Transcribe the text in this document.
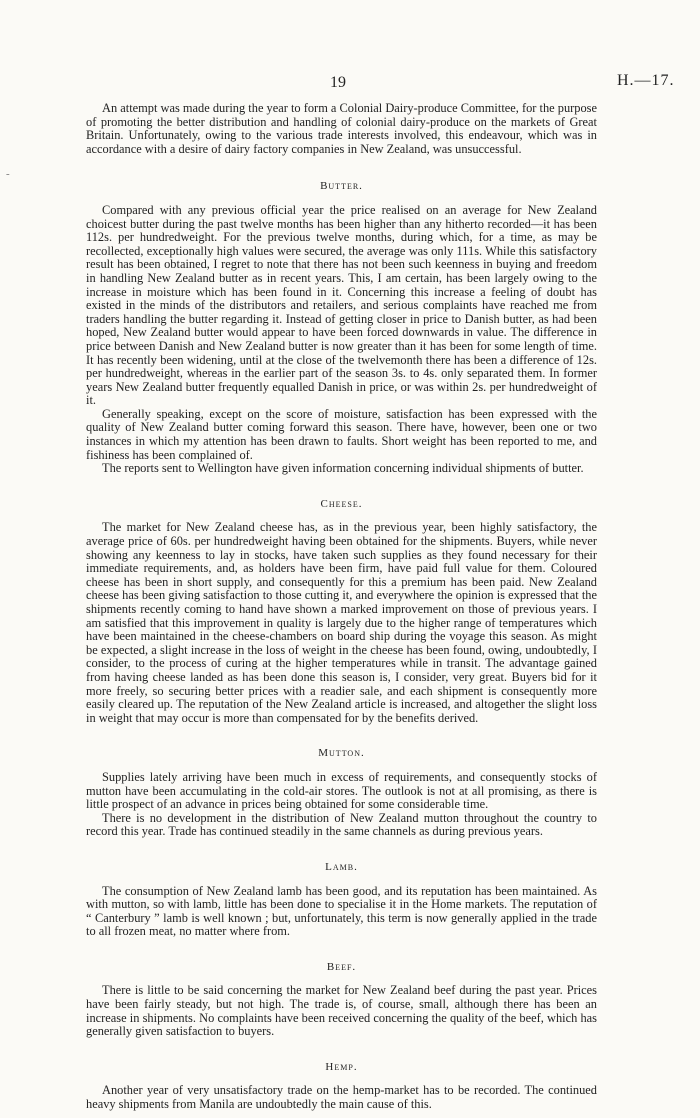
19	H.—17.
-

An attempt was made during the year to form a Colonial Dairy-produce Committee, for the purpose of promoting the better distribution and handling of colonial dairy-produce on the markets of Great Britain. Unfortunately, owing to the various trade interests involved, this endeavour, which was in accordance with a desire of dairy factory companies in New Zealand, was unsuccessful.

Butter.

Compared with any previous official year the price realised on an average for New Zealand choicest butter during the past twelve months has been higher than any hitherto recorded—it has been 112s. per hundredweight. For the previous twelve months, during which, for a time, as may be recollected, exceptionally high values were secured, the average was only 111s. While this satisfactory result has been obtained, I regret to note that there has not been such keenness in buying and freedom in handling New Zealand butter as in recent years. This, I am certain, has been largely owing to the increase in moisture which has been found in it. Concerning this increase a feeling of doubt has existed in the minds of the distributors and retailers, and serious complaints have reached me from traders handling the butter regarding it. Instead of getting closer in price to Danish butter, as had been hoped, New Zealand butter would appear to have been forced downwards in value. The difference in price between Danish and New Zealand butter is now greater than it has been for some length of time. It has recently been widening, until at the close of the twelvemonth there has been a difference of 12s. per hundredweight, whereas in the earlier part of the season 3s. to 4s. only separated them. In former years New Zealand butter frequently equalled Danish in price, or was within 2s. per hundredweight of it.

Generally speaking, except on the score of moisture, satisfaction has been expressed with the quality of New Zealand butter coming forward this season. There have, however, been one or two instances in which my attention has been drawn to faults. Short weight has been reported to me, and fishiness has been complained of.

The reports sent to Wellington have given information concerning individual shipments of butter.

Cheese.

The market for New Zealand cheese has, as in the previous year, been highly satisfactory, the average price of 60s. per hundredweight having been obtained for the shipments. Buyers, while never showing any keenness to lay in stocks, have taken such supplies as they found necessary for their immediate requirements, and, as holders have been firm, have paid full value for them. Coloured cheese has been in short supply, and consequently for this a premium has been paid. New Zealand cheese has been giving satisfaction to those cutting it, and everywhere the opinion is expressed that the shipments recently coming to hand have shown a marked improvement on those of previous years. I am satisfied that this improvement in quality is largely due to the higher range of temperatures which have been maintained in the cheese-chambers on board ship during the voyage this season. As might be expected, a slight increase in the loss of weight in the cheese has been found, owing, undoubtedly, I consider, to the process of curing at the higher temperatures while in transit. The advantage gained from having cheese landed as has been done this season is, I consider, very great. Buyers bid for it more freely, so securing better prices with a readier sale, and each shipment is consequently more easily cleared up. The reputation of the New Zealand article is increased, and altogether the slight loss in weight that may occur is more than compensated for by the benefits derived.

Mutton.

Supplies lately arriving have been much in excess of requirements, and consequently stocks of mutton have been accumulating in the cold-air stores. The outlook is not at all promising, as there is little prospect of an advance in prices being obtained for some considerable time.

There is no development in the distribution of New Zealand mutton throughout the country to record this year. Trade has continued steadily in the same channels as during previous years.

Lamb.

The consumption of New Zealand lamb has been good, and its reputation has been maintained. As with mutton, so with lamb, little has been done to specialise it in the Home markets. The reputation of “ Canterbury ” lamb is well known ; but, unfortunately, this term is now generally applied in the trade to all frozen meat, no matter where from.

Beef.

There is little to be said concerning the market for New Zealand beef during the past year. Prices have been fairly steady, but not high. The trade is, of course, small, although there has been an increase in shipments. No complaints have been received concerning the quality of the beef, which has generally given satisfaction to buyers.

Hemp.

Another year of very unsatisfactory trade on the hemp-market has to be recorded. The continued heavy shipments from Manila are undoubtedly the main cause of this.
